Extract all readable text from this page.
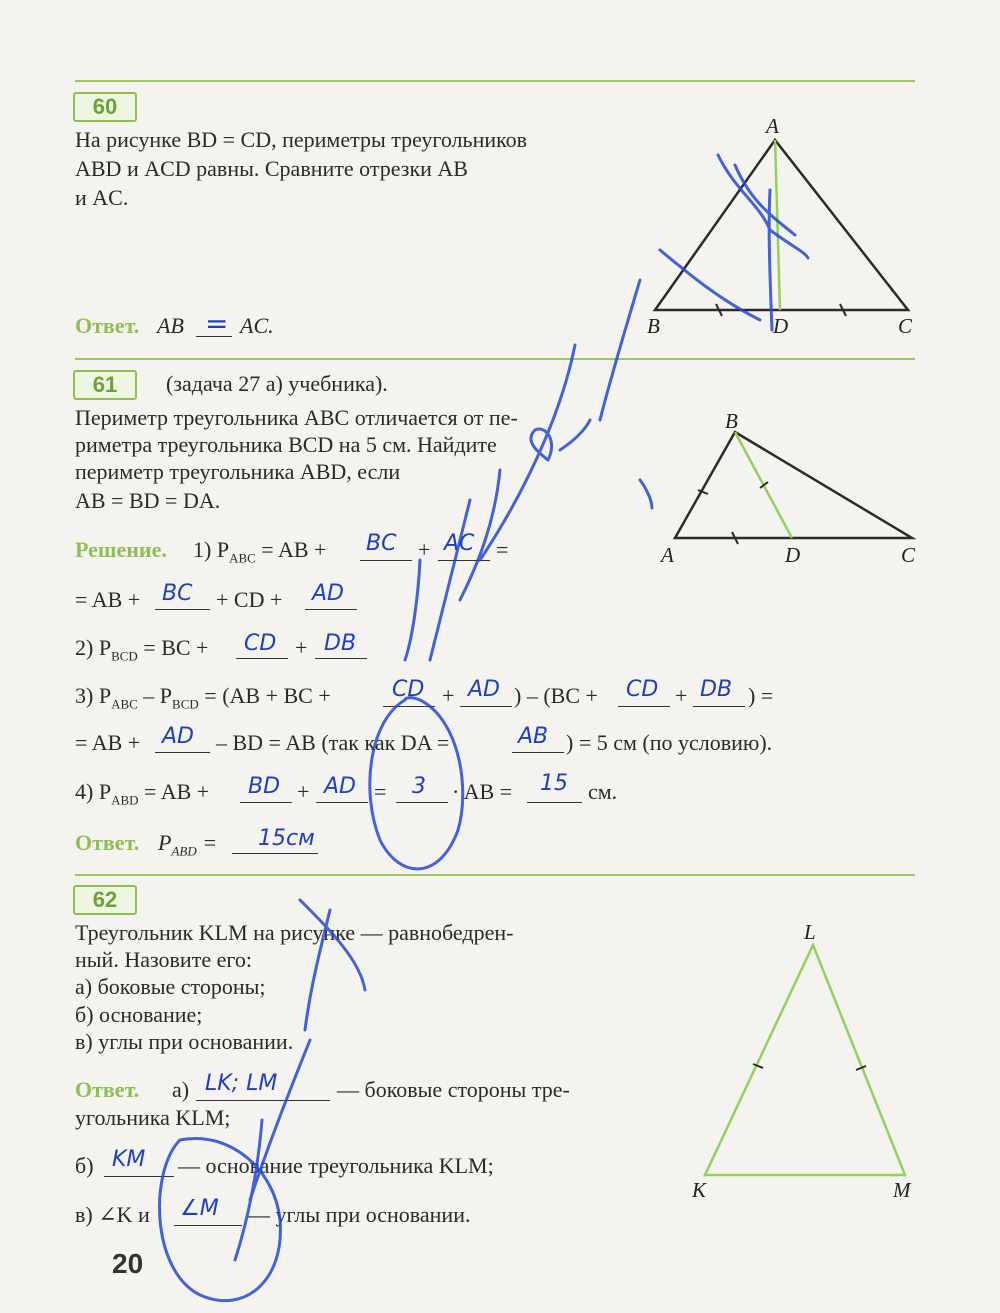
60
На рисунке BD = CD, периметры треугольников
ABD и ACD равны. Сравните отрезки AB
и AC.
Ответ. AB = AC.
61	(задача 27 а) учебника).
Периметр треугольника ABC отличается от пе-
риметра треугольника BCD на 5 см. Найдите
периметр треугольника ABD, если
AB = BD = DA.
Решение. 1) $P_{ABC}$ = AB + BC + AC =
= AB + BC + CD + AD
2) $P_{BCD}$ = BC + CD + DB
3) $P_{ABC} - P_{BCD} = (AB$ + BC +	CD + AD ) – (BC + CD + DB ) =
= AB + AD – BD = AB (так как DA =	AB ) = 5 см (по условию).
4) $P_{ABD}$ = AB + BD + AD = 3 · AB = 15 см.
Ответ. $P_{ABD} = 15см$
62
Треугольник KLM на рисунке — равнобедрен-
ный. Назовите его:
а) боковые стороны;
б) основание;
в) углы при основании.
Ответ. а) LK; LM	— боковые стороны тре-
угольника KLM;
б) KM — основание треугольника KLM;
в) ∠K и ∠M — углы при основании.
20
A
B	D	C
B
A	D	C
L
K	M
